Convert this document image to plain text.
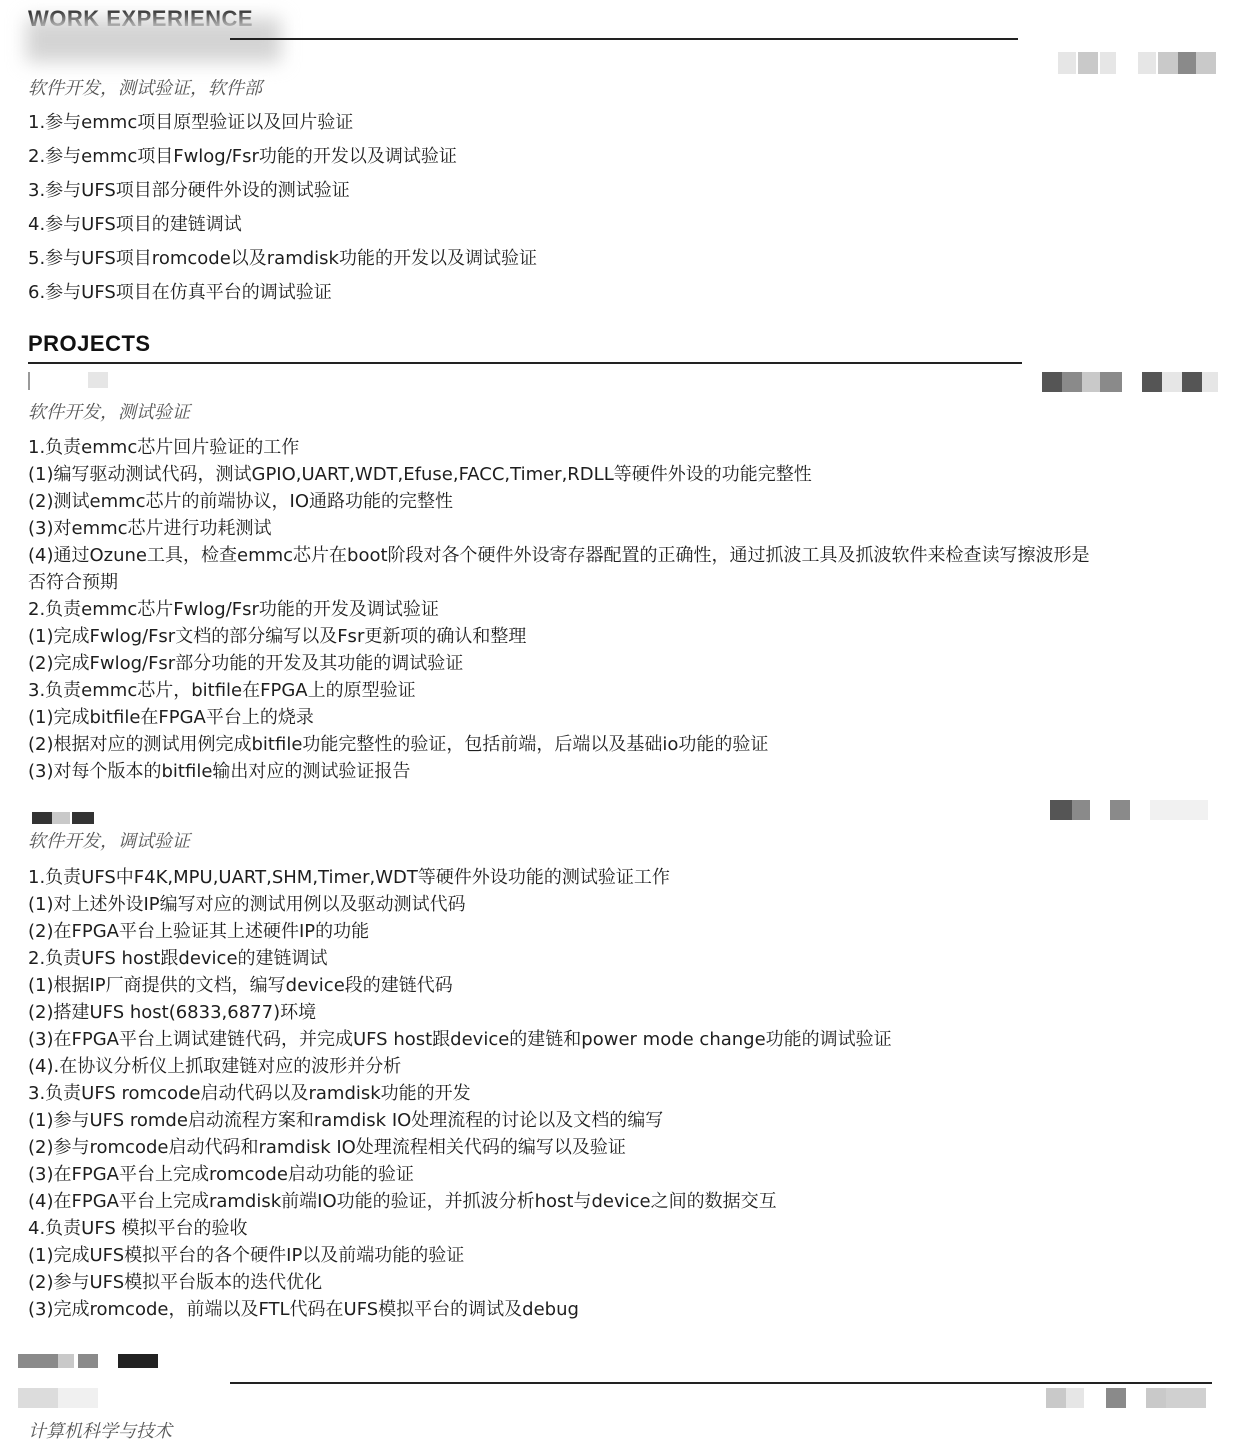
软件开发，测试验证，软件部
1.参与emmc项目原型验证以及回片验证
2.参与emmc项目Fwlog/Fsr功能的开发以及调试验证
3.参与UFS项目部分硬件外设的测试验证
4.参与UFS项目的建链调试
5.参与UFS项目romcode以及ramdisk功能的开发以及调试验证
6.参与UFS项目在仿真平台的调试验证
PROJECTS
软件开发，测试验证
1.负责emmc芯片回片验证的工作
(1)编写驱动测试代码，测试GPIO,UART,WDT,Efuse,FACC,Timer,RDLL等硬件外设的功能完整性
(2)测试emmc芯片的前端协议，IO通路功能的完整性
(3)对emmc芯片进行功耗测试
(4)通过Ozune工具，检查emmc芯片在boot阶段对各个硬件外设寄存器配置的正确性，通过抓波工具及抓波软件来检查读写擦波形是
否符合预期
2.负责emmc芯片Fwlog/Fsr功能的开发及调试验证
(1)完成Fwlog/Fsr文档的部分编写以及Fsr更新项的确认和整理
(2)完成Fwlog/Fsr部分功能的开发及其功能的调试验证
3.负责emmc芯片，bitfile在FPGA上的原型验证
(1)完成bitfile在FPGA平台上的烧录
(2)根据对应的测试用例完成bitfile功能完整性的验证，包括前端，后端以及基础io功能的验证
(3)对每个版本的bitfile输出对应的测试验证报告
软件开发，调试验证
1.负责UFS中F4K,MPU,UART,SHM,Timer,WDT等硬件外设功能的测试验证工作
(1)对上述外设IP编写对应的测试用例以及驱动测试代码
(2)在FPGA平台上验证其上述硬件IP的功能
2.负责UFS host跟device的建链调试
(1)根据IP厂商提供的文档，编写device段的建链代码
(2)搭建UFS host(6833,6877)环境
(3)在FPGA平台上调试建链代码，并完成UFS host跟device的建链和power mode change功能的调试验证
(4).在协议分析仪上抓取建链对应的波形并分析
3.负责UFS romcode启动代码以及ramdisk功能的开发
(1)参与UFS romde启动流程方案和ramdisk IO处理流程的讨论以及文档的编写
(2)参与romcode启动代码和ramdisk IO处理流程相关代码的编写以及验证
(3)在FPGA平台上完成romcode启动功能的验证
(4)在FPGA平台上完成ramdisk前端IO功能的验证，并抓波分析host与device之间的数据交互
4.负责UFS 模拟平台的验收
(1)完成UFS模拟平台的各个硬件IP以及前端功能的验证
(2)参与UFS模拟平台版本的迭代优化
(3)完成romcode，前端以及FTL代码在UFS模拟平台的调试及debug
计算机科学与技术
